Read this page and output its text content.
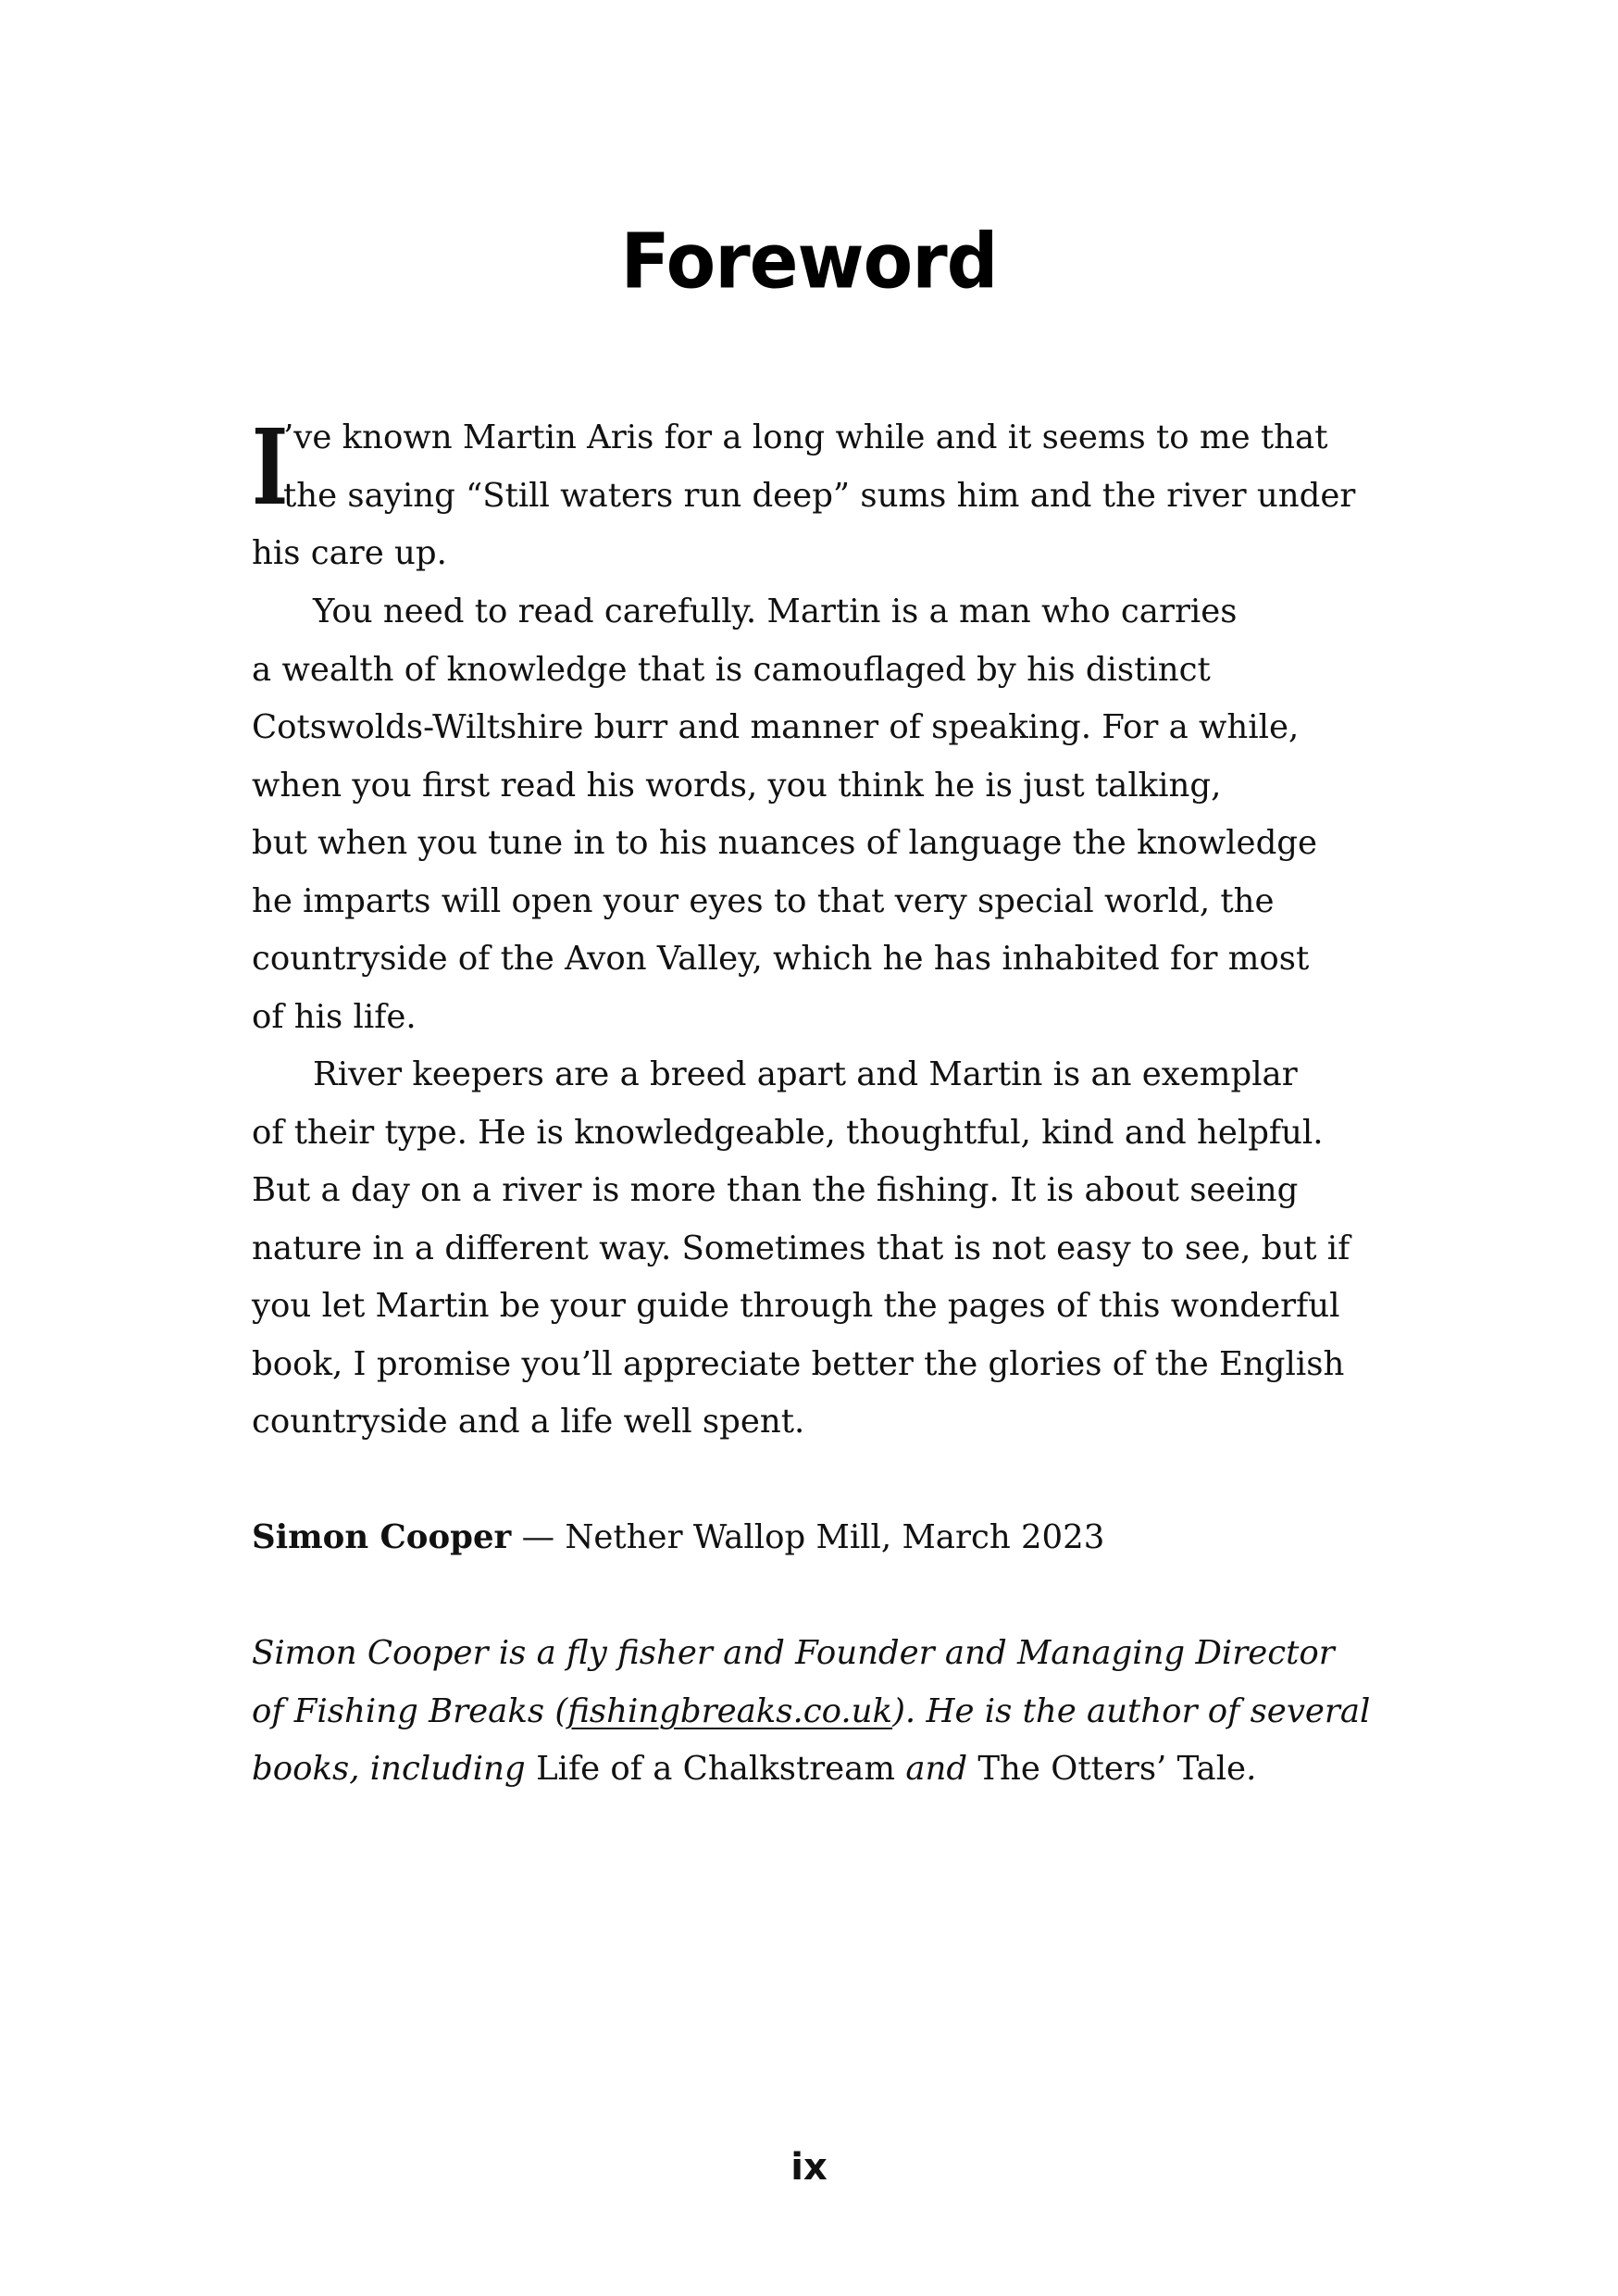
Foreword
I
’ve known Martin Aris for a long while and it seems to me that
the saying “Still waters run deep” sums him and the river under
his care up.
You need to read carefully. Martin is a man who carries
a wealth of knowledge that is camouflaged by his distinct
Cotswolds-Wiltshire burr and manner of speaking. For a while,
when you first read his words, you think he is just talking,
but when you tune in to his nuances of language the knowledge
he imparts will open your eyes to that very special world, the
countryside of the Avon Valley, which he has inhabited for most
of his life.
River keepers are a breed apart and Martin is an exemplar
of their type. He is knowledgeable, thoughtful, kind and helpful.
But a day on a river is more than the fishing. It is about seeing
nature in a different way. Sometimes that is not easy to see, but if
you let Martin be your guide through the pages of this wonderful
book, I promise you’ll appreciate better the glories of the English
countryside and a life well spent.
Simon Cooper — Nether Wallop Mill, March 2023
Simon Cooper is a fly fisher and Founder and Managing Director
of Fishing Breaks (fishingbreaks.co.uk). He is the author of several
books, including Life of a Chalkstream and The Otters’ Tale.
ix
